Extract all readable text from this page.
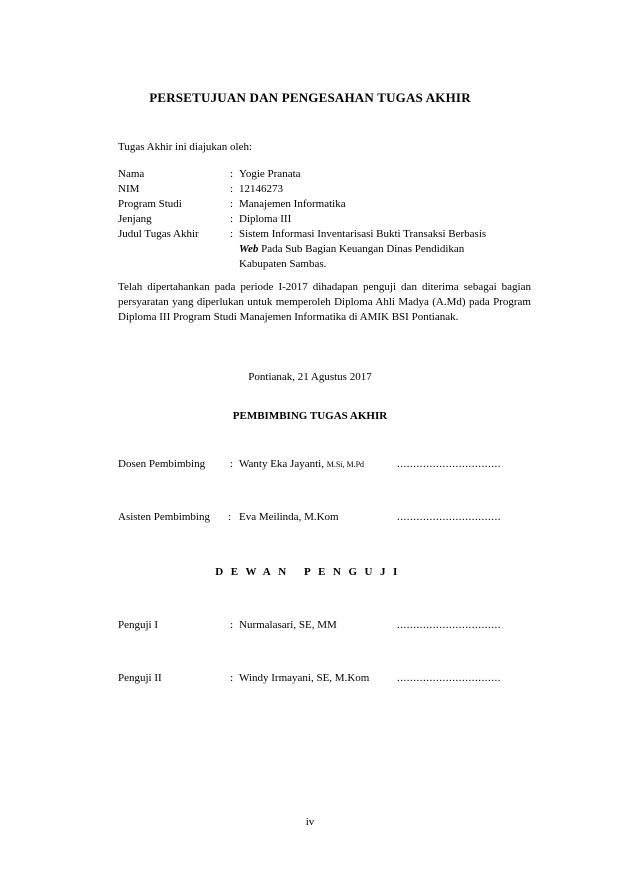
PERSETUJUAN DAN PENGESAHAN TUGAS AKHIR
Tugas Akhir ini diajukan oleh:
Nama	: Yogie Pranata
NIM	: 12146273
Program Studi	: Manajemen Informatika
Jenjang	: Diploma III
Judul Tugas Akhir	: Sistem Informasi Inventarisasi Bukti Transaksi Berbasis
Web Pada Sub Bagian Keuangan Dinas Pendidikan
Kabupaten Sambas.
Telah dipertahankan pada periode I-2017 dihadapan penguji dan diterima sebagai bagian persyaratan yang diperlukan untuk memperoleh Diploma Ahli Madya (A.Md) pada Program Diploma III Program Studi Manajemen Informatika di AMIK BSI Pontianak.
Pontianak, 21 Agustus 2017
PEMBIMBING TUGAS AKHIR
Dosen Pembimbing : Wanty Eka Jayanti, M.Si, M.Pd	................................
Asisten Pembimbing : Eva Meilinda, M.Kom	................................
DEWAN PENGUJI
Penguji I	: Nurmalasari, SE, MM	................................
Penguji II	: Windy Irmayani, SE, M.Kom	................................
iv
